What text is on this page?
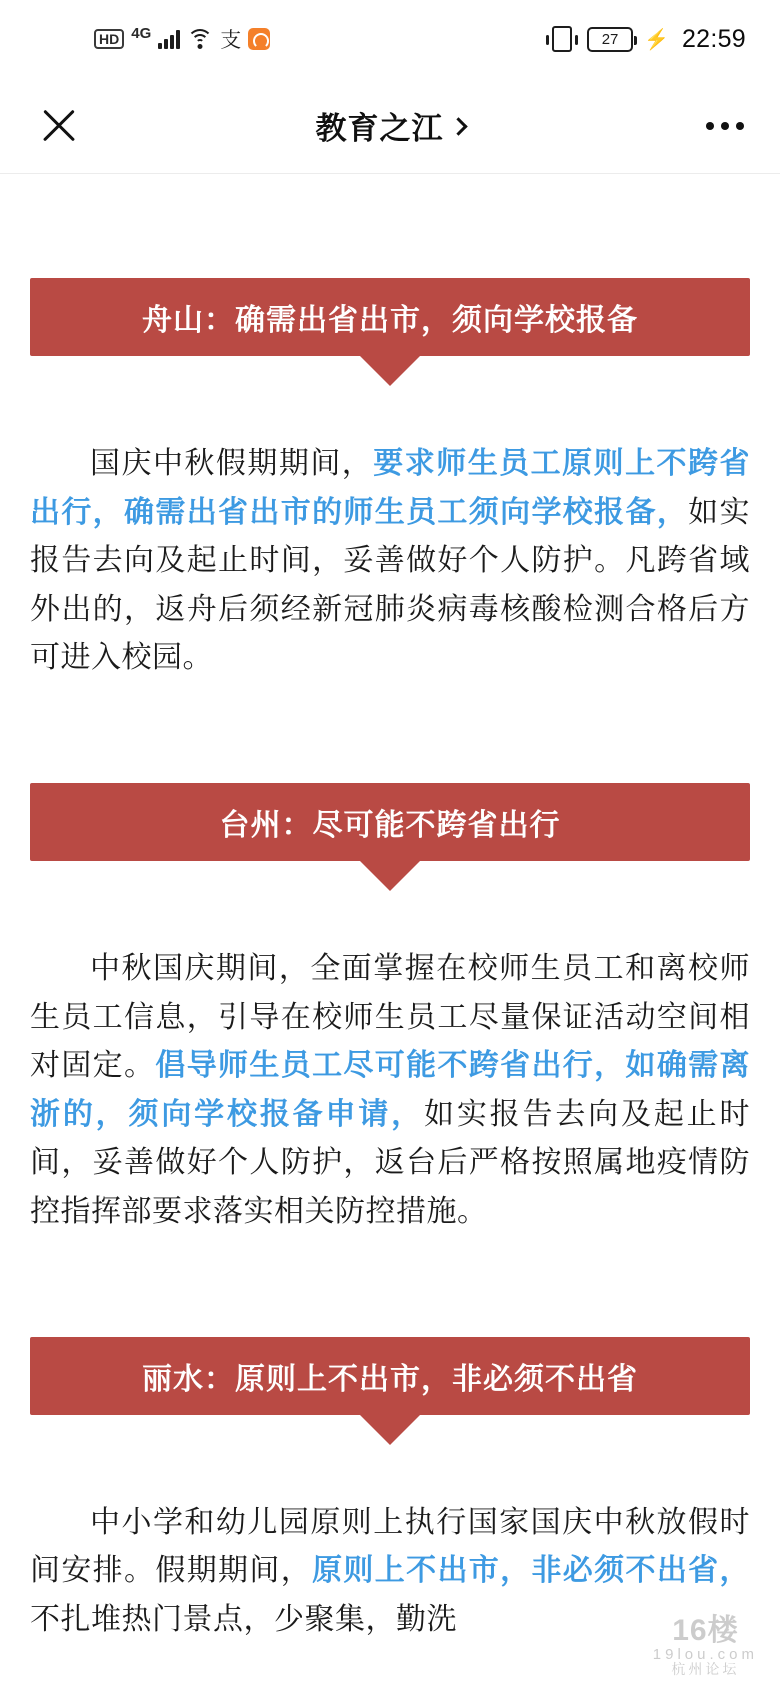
HD 4G	支	27	⚡ 22:59
教育之江
舟山：确需出省出市，须向学校报备

国庆中秋假期期间，要求师生员工原则上不跨省出行，确需出省出市的师生员工须向学校报备，如实报告去向及起止时间，妥善做好个人防护。凡跨省域外出的，返舟后须经新冠肺炎病毒核酸检测合格后方可进入校园。

台州：尽可能不跨省出行

中秋国庆期间，全面掌握在校师生员工和离校师生员工信息，引导在校师生员工尽量保证活动空间相对固定。倡导师生员工尽可能不跨省出行，如确需离浙的，须向学校报备申请，如实报告去向及起止时间，妥善做好个人防护，返台后严格按照属地疫情防控指挥部要求落实相关防控措施。

丽水：原则上不出市，非必须不出省

中小学和幼儿园原则上执行国家国庆中秋放假时间安排。假期期间，原则上不出市，非必须不出省，不扎堆热门景点，少聚集，勤洗	16楼
19lou.com
杭州论坛
